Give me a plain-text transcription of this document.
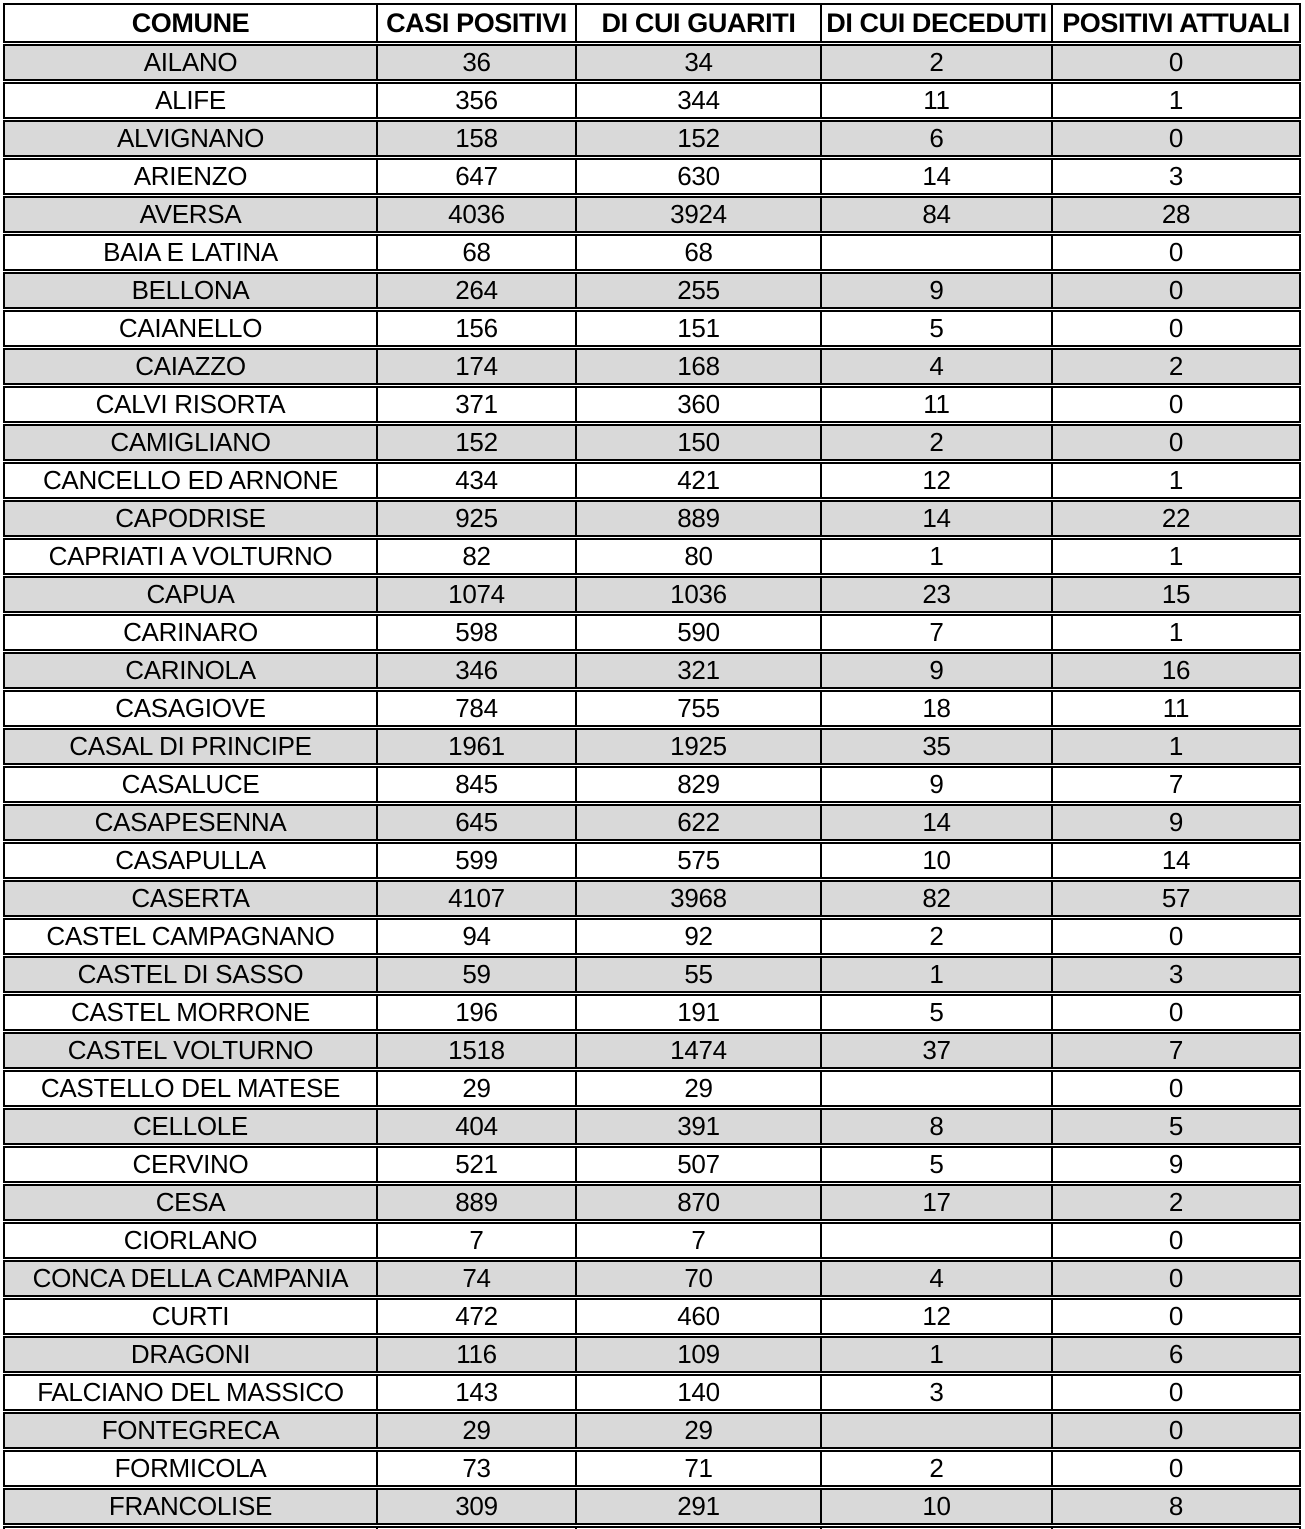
COMUNE	CASI POSITIVI	DI CUI GUARITI	DI CUI DECEDUTI	POSITIVI ATTUALI
AILANO	36	34	2	0
ALIFE	356	344	11	1
ALVIGNANO	158	152	6	0
ARIENZO	647	630	14	3
AVERSA	4036	3924	84	28
BAIA E LATINA	68	68		0
BELLONA	264	255	9	0
CAIANELLO	156	151	5	0
CAIAZZO	174	168	4	2
CALVI RISORTA	371	360	11	0
CAMIGLIANO	152	150	2	0
CANCELLO ED ARNONE	434	421	12	1
CAPODRISE	925	889	14	22
CAPRIATI A VOLTURNO	82	80	1	1
CAPUA	1074	1036	23	15
CARINARO	598	590	7	1
CARINOLA	346	321	9	16
CASAGIOVE	784	755	18	11
CASAL DI PRINCIPE	1961	1925	35	1
CASALUCE	845	829	9	7
CASAPESENNA	645	622	14	9
CASAPULLA	599	575	10	14
CASERTA	4107	3968	82	57
CASTEL CAMPAGNANO	94	92	2	0
CASTEL DI SASSO	59	55	1	3
CASTEL MORRONE	196	191	5	0
CASTEL VOLTURNO	1518	1474	37	7
CASTELLO DEL MATESE	29	29		0
CELLOLE	404	391	8	5
CERVINO	521	507	5	9
CESA	889	870	17	2
CIORLANO	7	7		0
CONCA DELLA CAMPANIA	74	70	4	0
CURTI	472	460	12	0
DRAGONI	116	109	1	6
FALCIANO DEL MASSICO	143	140	3	0
FONTEGRECA	29	29		0
FORMICOLA	73	71	2	0
FRANCOLISE	309	291	10	8
